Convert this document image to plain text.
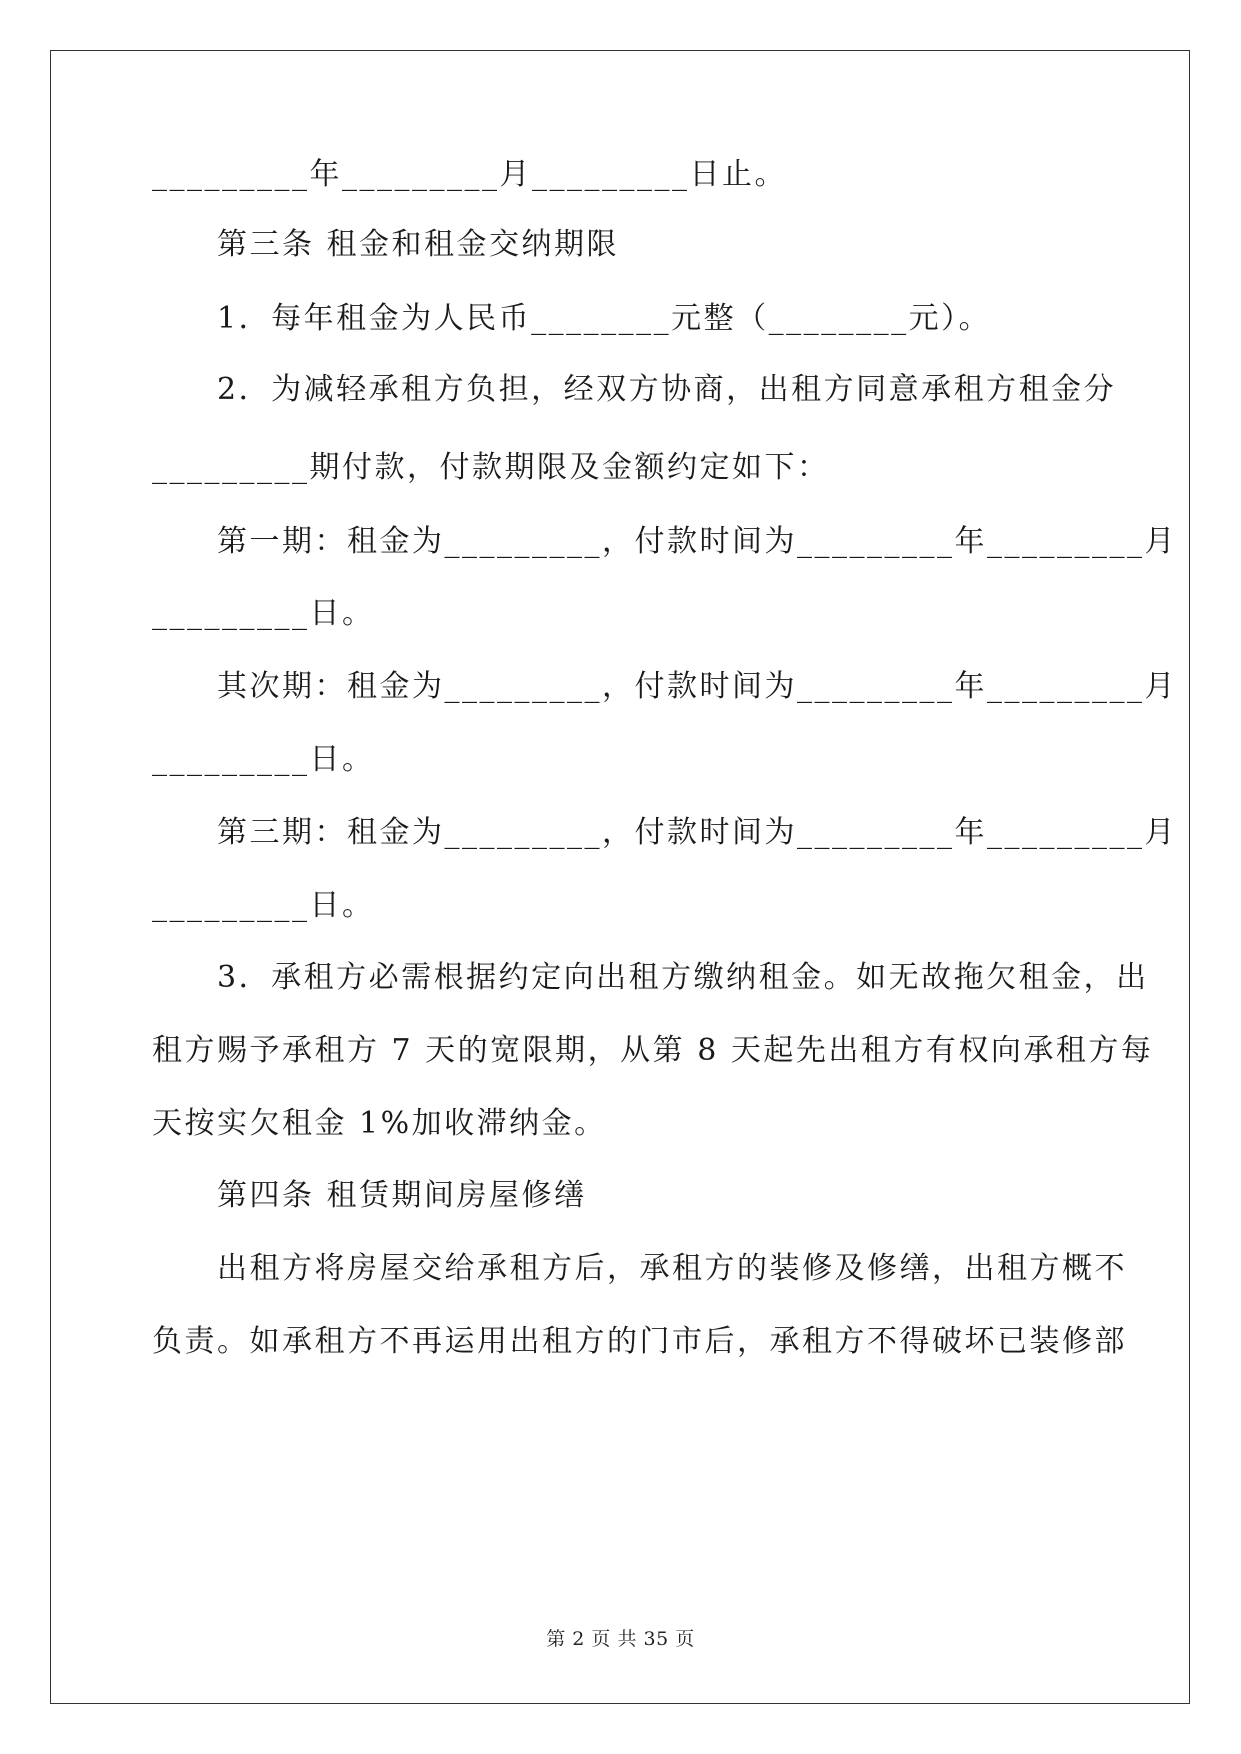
_________年_________月_________日止。
第三条 租金和租金交纳期限
1．每年租金为人民币________元整（________元）。
2．为减轻承租方负担，经双方协商，出租方同意承租方租金分
_________期付款，付款期限及金额约定如下：
第一期：租金为_________，付款时间为_________年_________月
_________日。
其次期：租金为_________，付款时间为_________年_________月
_________日。
第三期：租金为_________，付款时间为_________年_________月
_________日。
3．承租方必需根据约定向出租方缴纳租金。如无故拖欠租金，出
租方赐予承租方 7 天的宽限期，从第 8 天起先出租方有权向承租方每
天按实欠租金 1%加收滞纳金。
第四条 租赁期间房屋修缮
出租方将房屋交给承租方后，承租方的装修及修缮，出租方概不
负责。如承租方不再运用出租方的门市后，承租方不得破坏已装修部
第 2 页 共 35 页
